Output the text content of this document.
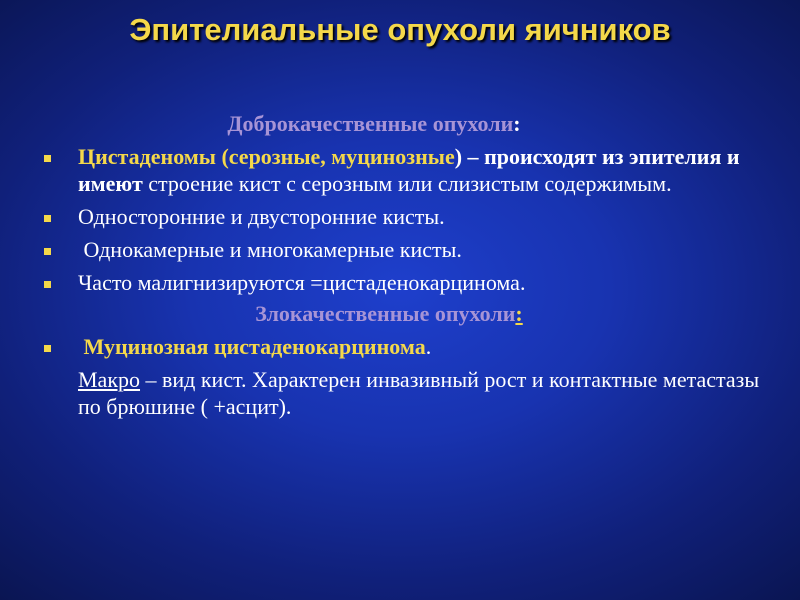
Эпителиальные опухоли яичников

Доброкачественные опухоли:

Цистаденомы (серозные, муцинозные) – происходят из эпителия и имеют строение кист с серозным или слизистым содержимым.
Односторонние и двусторонние кисты.
Однокамерные и многокамерные кисты.
Часто малигнизируются =цистаденокарцинома.

Злокачественные опухоли:

Муцинозная цистаденокарцинома.
Макро – вид кист. Характерен инвазивный рост и контактные метастазы по брюшине ( +асцит).
